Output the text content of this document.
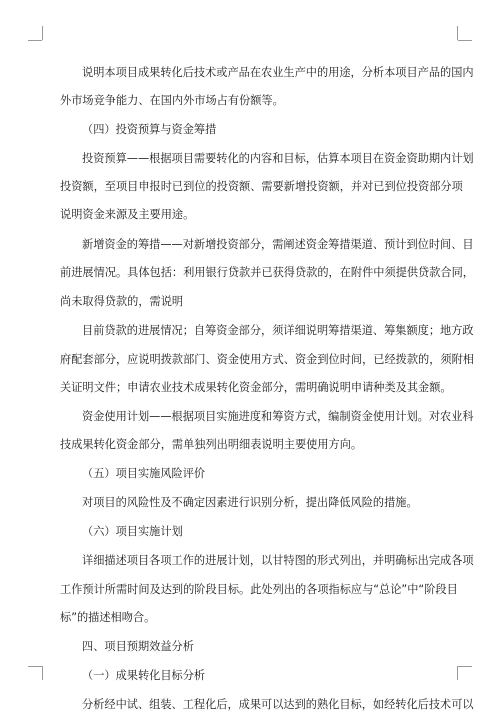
说明本项目成果转化后技术或产品在农业生产中的用途，分析本项目产品的国内
外市场竞争能力、在国内外市场占有份额等。
（四）投资预算与资金筹措
投资预算——根据项目需要转化的内容和目标，估算本项目在资金资助期内计划
投资额，至项目申报时已到位的投资额、需要新增投资额，并对已到位投资部分项
说明资金来源及主要用途。
新增资金的筹措——对新增投资部分，需阐述资金筹措渠道、预计到位时间、目
前进展情况。具体包括：利用银行贷款并已获得贷款的，在附件中须提供贷款合同，
尚未取得贷款的，需说明
目前贷款的进展情况；自筹资金部分，须详细说明筹措渠道、筹集额度；地方政
府配套部分，应说明拨款部门、资金使用方式、资金到位时间，已经拨款的，须附相
关证明文件；申请农业技术成果转化资金部分，需明确说明申请种类及其金额。
资金使用计划——根据项目实施进度和筹资方式，编制资金使用计划。对农业科
技成果转化资金部分，需单独列出明细表说明主要使用方向。
（五）项目实施风险评价
对项目的风险性及不确定因素进行识别分析，提出降低风险的措施。
（六）项目实施计划
详细描述项目各项工作的进展计划，以甘特图的形式列出，并明确标出完成各项
工作预计所需时间及达到的阶段目标。此处列出的各项指标应与“总论”中“阶段目
标”的描述相吻合。
四、项目预期效益分析
（一）成果转化目标分析
分析经中试、组装、工程化后，成果可以达到的熟化目标，如经转化后技术可以
